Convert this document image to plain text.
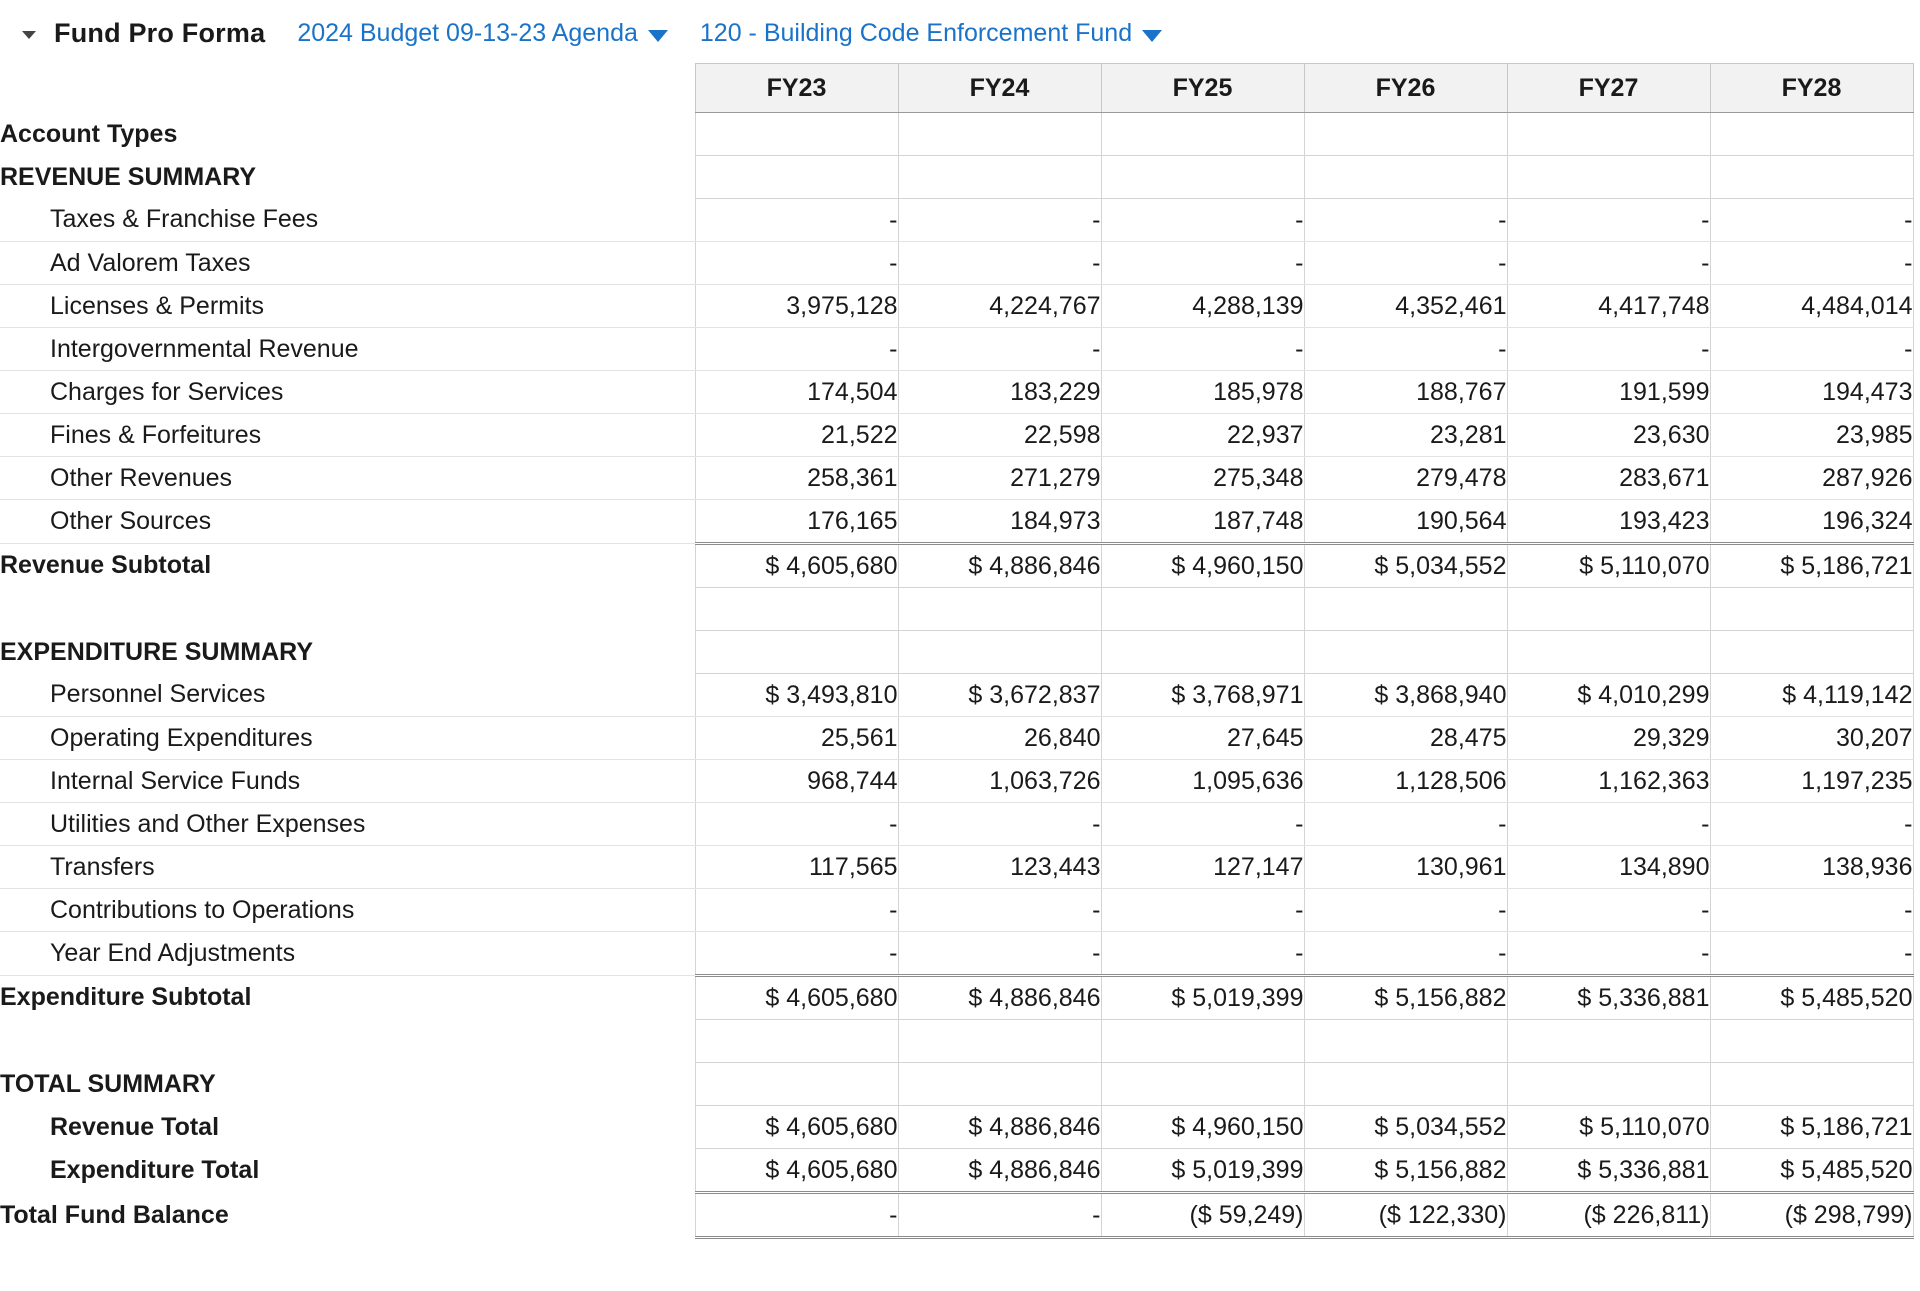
Fund Pro Forma 2024 Budget 09-13-23 Agenda 120 - Building Code Enforcement Fund
	FY23	FY24	FY25	FY26	FY27	FY28
Account Types						
REVENUE SUMMARY						
Taxes & Franchise Fees	-	-	-	-	-	-
Ad Valorem Taxes	-	-	-	-	-	-
Licenses & Permits	3,975,128	4,224,767	4,288,139	4,352,461	4,417,748	4,484,014
Intergovernmental Revenue	-	-	-	-	-	-
Charges for Services	174,504	183,229	185,978	188,767	191,599	194,473
Fines & Forfeitures	21,522	22,598	22,937	23,281	23,630	23,985
Other Revenues	258,361	271,279	275,348	279,478	283,671	287,926
Other Sources	176,165	184,973	187,748	190,564	193,423	196,324
Revenue Subtotal	$ 4,605,680	$ 4,886,846	$ 4,960,150	$ 5,034,552	$ 5,110,070	$ 5,186,721

EXPENDITURE SUMMARY						
Personnel Services	$ 3,493,810	$ 3,672,837	$ 3,768,971	$ 3,868,940	$ 4,010,299	$ 4,119,142
Operating Expenditures	25,561	26,840	27,645	28,475	29,329	30,207
Internal Service Funds	968,744	1,063,726	1,095,636	1,128,506	1,162,363	1,197,235
Utilities and Other Expenses	-	-	-	-	-	-
Transfers	117,565	123,443	127,147	130,961	134,890	138,936
Contributions to Operations	-	-	-	-	-	-
Year End Adjustments	-	-	-	-	-	-
Expenditure Subtotal	$ 4,605,680	$ 4,886,846	$ 5,019,399	$ 5,156,882	$ 5,336,881	$ 5,485,520

TOTAL SUMMARY						
Revenue Total	$ 4,605,680	$ 4,886,846	$ 4,960,150	$ 5,034,552	$ 5,110,070	$ 5,186,721
Expenditure Total	$ 4,605,680	$ 4,886,846	$ 5,019,399	$ 5,156,882	$ 5,336,881	$ 5,485,520
Total Fund Balance	-	-	($ 59,249)	($ 122,330)	($ 226,811)	($ 298,799)
